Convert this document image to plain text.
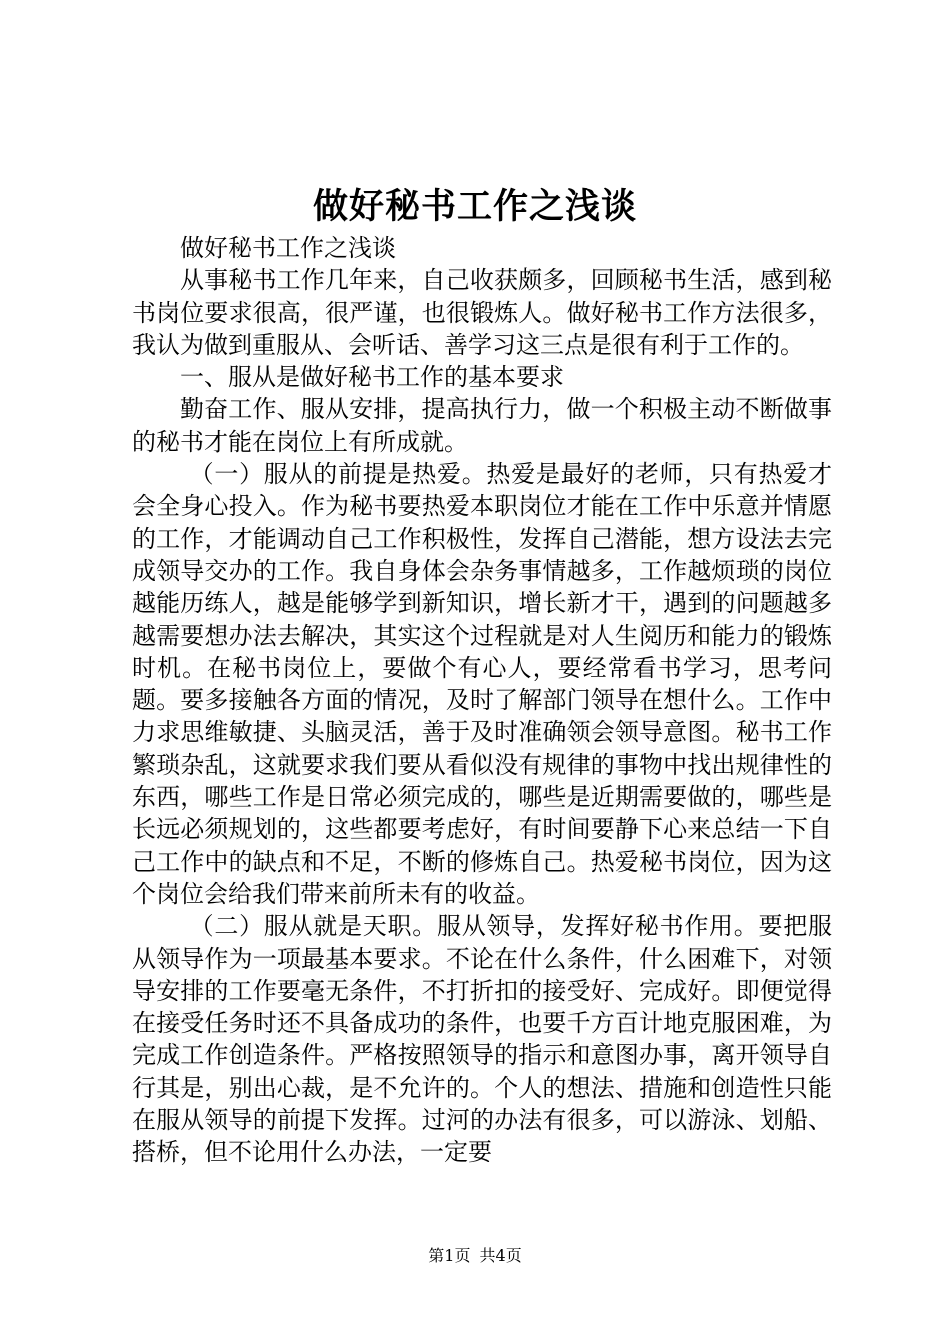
做好秘书工作之浅谈

做好秘书工作之浅谈

从事秘书工作几年来，自己收获颇多，回顾秘书生活，感到秘书岗位要求很高，很严谨，也很锻炼人。做好秘书工作方法很多，我认为做到重服从、会听话、善学习这三点是很有利于工作的。

一、服从是做好秘书工作的基本要求

勤奋工作、服从安排，提高执行力，做一个积极主动不断做事的秘书才能在岗位上有所成就。

（一）服从的前提是热爱。热爱是最好的老师，只有热爱才会全身心投入。作为秘书要热爱本职岗位才能在工作中乐意并情愿的工作，才能调动自己工作积极性，发挥自己潜能，想方设法去完成领导交办的工作。我自身体会杂务事情越多，工作越烦琐的岗位越能历练人，越是能够学到新知识，增长新才干，遇到的问题越多越需要想办法去解决，其实这个过程就是对人生阅历和能力的锻炼时机。在秘书岗位上，要做个有心人，要经常看书学习，思考问题。要多接触各方面的情况，及时了解部门领导在想什么。工作中力求思维敏捷、头脑灵活，善于及时准确领会领导意图。秘书工作繁琐杂乱，这就要求我们要从看似没有规律的事物中找出规律性的东西，哪些工作是日常必须完成的，哪些是近期需要做的，哪些是长远必须规划的，这些都要考虑好，有时间要静下心来总结一下自己工作中的缺点和不足，不断的修炼自己。热爱秘书岗位，因为这个岗位会给我们带来前所未有的收益。

（二）服从就是天职。服从领导，发挥好秘书作用。要把服从领导作为一项最基本要求。不论在什么条件，什么困难下，对领导安排的工作要毫无条件，不打折扣的接受好、完成好。即便觉得在接受任务时还不具备成功的条件，也要千方百计地克服困难，为完成工作创造条件。严格按照领导的指示和意图办事，离开领导自行其是，别出心裁，是不允许的。个人的想法、措施和创造性只能在服从领导的前提下发挥。过河的办法有很多，可以游泳、划船、搭桥，但不论用什么办法，一定要

第1页 共4页
